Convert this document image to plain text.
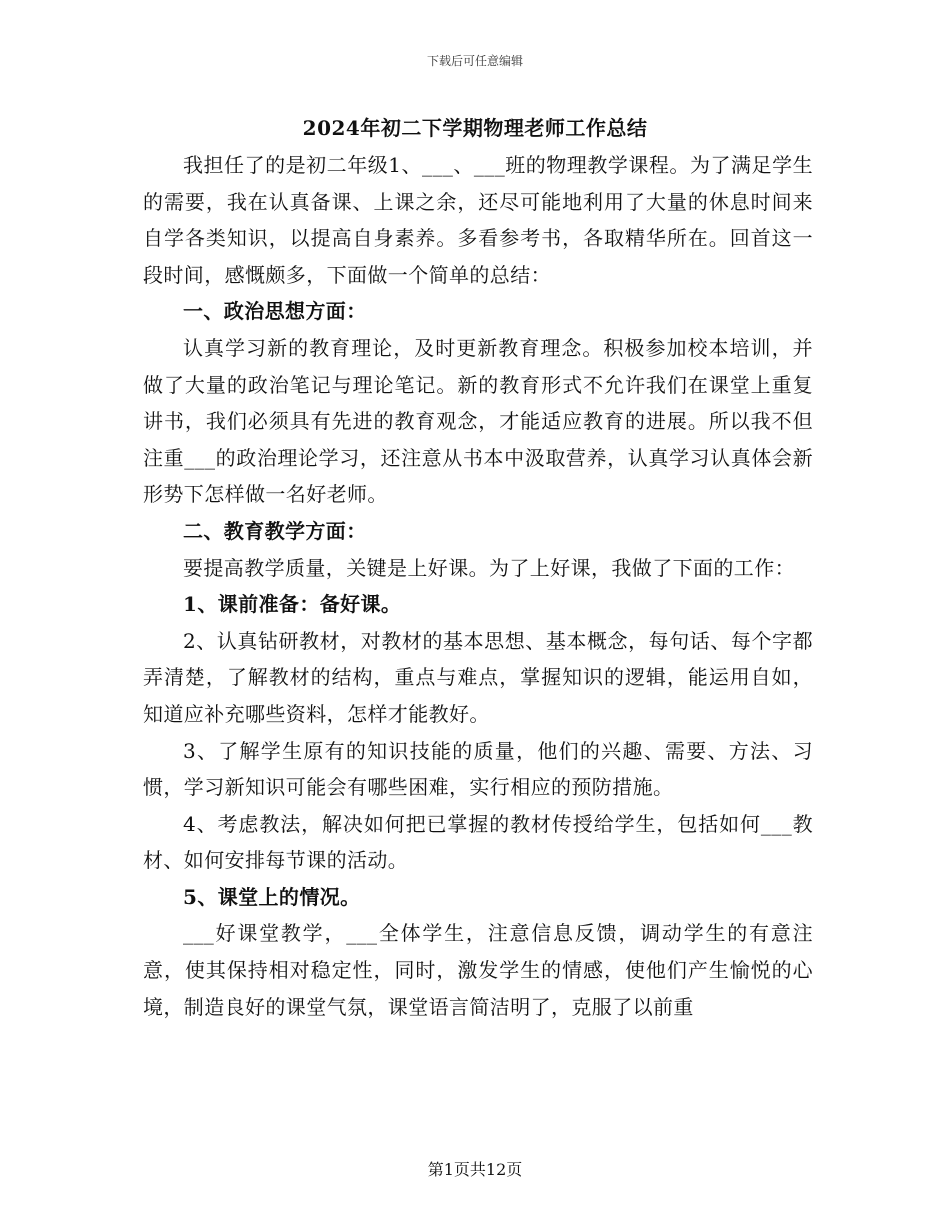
下载后可任意编辑
2024年初二下学期物理老师工作总结

我担任了的是初二年级1、___、___班的物理教学课程。为了满足学生的需要，我在认真备课、上课之余，还尽可能地利用了大量的休息时间来自学各类知识，以提高自身素养。多看参考书，各取精华所在。回首这一段时间，感慨颇多，下面做一个简单的总结：

一、政治思想方面：

认真学习新的教育理论，及时更新教育理念。积极参加校本培训，并做了大量的政治笔记与理论笔记。新的教育形式不允许我们在课堂上重复讲书，我们必须具有先进的教育观念，才能适应教育的进展。所以我不但注重___的政治理论学习，还注意从书本中汲取营养，认真学习认真体会新形势下怎样做一名好老师。

二、教育教学方面：

要提高教学质量，关键是上好课。为了上好课，我做了下面的工作：

1、课前准备：备好课。

2、认真钻研教材，对教材的基本思想、基本概念，每句话、每个字都弄清楚，了解教材的结构，重点与难点，掌握知识的逻辑，能运用自如，知道应补充哪些资料，怎样才能教好。

3、了解学生原有的知识技能的质量，他们的兴趣、需要、方法、习惯，学习新知识可能会有哪些困难，实行相应的预防措施。

4、考虑教法，解决如何把已掌握的教材传授给学生，包括如何___教材、如何安排每节课的活动。

5、课堂上的情况。

___好课堂教学，___全体学生，注意信息反馈，调动学生的有意注意，使其保持相对稳定性，同时，激发学生的情感，使他们产生愉悦的心境，制造良好的课堂气氛，课堂语言简洁明了，克服了以前重

第1页共12页
